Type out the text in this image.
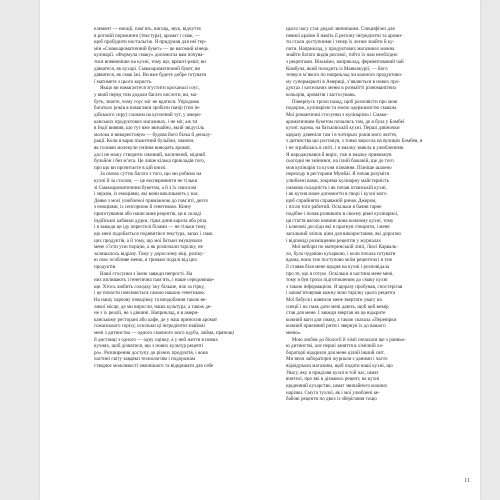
елемент — емоції, пам’ять, вигляд, звук, відчуття
в ротовій порожнині (текстура), аромат і смак, —
щоб пробудити ностальгію. Я придумав для неї тер-
мін «Смакоароматичний букет» — це вагомий кінець
кулінарії. «Формула смаку» допомогла вам почува-
тися впевненіше на кухні, тому що, врешті-решт, ви
діяватеся, як кухарі. Смакоароматичний букет, ви
діяватеся, як смак їжі. Ви вже будете добре готувати
ї матимете з цього користь.
Якщо ви намагаєтеся згустити кроханалі соус,
у який перед тим додали багато кислоти, ви, ма-
буть, знаєте, чому соус міг не вдатися. Упродовж
багатьох років я намагався зробити панір (тип ін-
дійського сиру) схожим на куплений тут, у амери-
канських продуктових магазинах, і не міг, аж ти
в Індії виявив, що тут вже звичайно, який звідусіль
молока и використовую — будова його білка й деналу-
рації. Коли я варю пікантний бульйон, знаючи,
як головні молекули уміння виводять аромат,
досі не можу створити смачний, насичений, мідний
бульйон і без м’яса. Це лише кілька прикладів того,
про що ви прочитаєте в цій книзі.
За своєю суттю багато з того, що ми робимо на
кухні й за столом, — це експерименти не тільки
зі Смакоароматичним букетом, а й з їх смислом
і звуком, із емоціями, які вони викликають у нас.
Деяке з моєї улюбленої приміжною до пам’яті, дехто
з емоціями, із сенсорною й генетикою. Кінну
приготування або написання рецептів, це в складі
індійської кабачки дудки, гірка диня карела або ріпа,
і я завжди це іду перестелі білами — не тільки тому,
що мені подобається подивитися текстура, запах і смак
цих продуктів, а й тому, що мої батьки змушували
мене з’їсти усю порцію, а як розпочали тарілку, не
залишалось відразу. Тому у дорослому віці, реліку-
ю своє особливе меню, я тримаю подалі від цих
продуктів.
Наші стосунки з їжею завжди непрості. На
них впливають і генетична пам’ять, і наше середовище-
ще. Хтось любить солодку їжу більше, ніж за гірку,
і це почасти пояснюється самою нашою генетикою.
На нашу харчову поведінку та вподобання також ве-
ликої місце, де ми виросли, наша культура, а також де-
не з їх реалії, не з дівчині. Наприклад, я в амери-
канському ресторані або кафе, де у наш приносив аромат
гожанського горіху, оскільки ці інгредієнти знайомі
мені з дитинства — одного смачного мого одуба, лайма, прянощі
й дистанці з одного — одну оцінку, а у ней життя в нових
кухнях, щоб дізнатися, що з нових культур рецепті
ро». Розширення доступу до різних продуктів, і вона
частині світу завдяки технологіям і подорожам
створює можливості значнішого та відкривати для себе
цього часу стає дедалі звичнішим. Специфічні для
певної країни й навіть її регіону інгредієнти та ароми-
ти стали доступними і тепер їх легше знайти й ку-
пити. Наприклад, у продуктових магазинах можна
знайти багато видів рисової, тобто їх нам необхідно
з рецептами. Візьмімо, наприклад, ферментований чай
Комбуча, який походить із Маньчжурії, — його
тепер в м’якого по наприклад чи кожного продуктово-
му супермаркеті в Америці, з’являється в нових про-
дуктах і кисельних меню в розмаїтті різноманітних
кольорів, ароматів і застосувань.
Повернусь трохи назад, щоб розповісти про мою
подорож, кулінарією та моєю одержимістю смаком.
Мої романтичні стосунки з кулінарією і Смако-
ароматичним букетом почались там, де я була у Бомбеї
кухні: вдома, на батьківській кухні. Перші дзвіночки
щоразу дзвеніли там і в чотирьох років мого життя,
з дитинства що розтанув, з тонко виросла на вулицях Бомбея, в
і не зграбалась в світі, і я змалку звикла в улюбленими
Я народжувався й виріс, тож я змалку привикнув
сьогодні не змінився, на їхній бажаній, ще до того
моя кулінарія та кухня пізнання. Пізніше шалено
переходу в ресторани Мумбаї. Я почав розуміти
улюблені вами, зокрема кулінарну майстерність
смакова складність і як почав іспанській кухні,
і як кухня може допомогти в творі і кухні мого
щоб сприйняти справжній ринок Джером,
і після того рабитий. Оскільки я бачив гарне
подібне і почав розвивати в своєму рівні кулінарної,
ця стаття вагою новини вона кожному кухні, тому
і ключові досліди які я прагнув створити, і мене
загальний зліпок ціни для використання, які дорогою
і відповіді розміщеним рецептів у журналах
Мої вибори по материнській лінії, Люсі Карваль-
ло, була чудовою кухаркою, і коли почала готувати
вдома, вона теж поступово моїм рецептом і я теж
її ставав біля мене щодня на кухні і розповідала
про те, що я готую. Оскільки я частина мене мені,
тому я був трохи підготовленим до смаку кухні
з такою інформацією. Я щоразу пробував, спостерігав
і запам’ятовував кожну мою тарілку цього рецепта
Мої бабуся і навчили мене звертати увагу на
спеції і на смак дати мені дають, щоб цей вимір
став для мене. І завжди звертав на це відкрите
кожний ваги для смаку, а також сказала «Перевірки
кожний приємний ритм і звернув їх до вашого
меню».
Мою любов до біології й хімії почалася ще з ранньо-
ю дитинстві, але перші заняття в хімічній ла-
бораторії відкрили для мене цілий інший світ.
Ми вели лабораторні журнали з даними і часто
відвідували магазини, щоб подати наші кухні, що
Увагу, яку я приділяв кухні в той час, шмат
вчителі, про які я дізнаюсь рецепт, на кухні
щоденний кухарство, шмат звичайного кожних
нарізки. Смуга тухлої, як і мої улюблені ке-
бабові рецепти по двох із зберігання тощо
11
